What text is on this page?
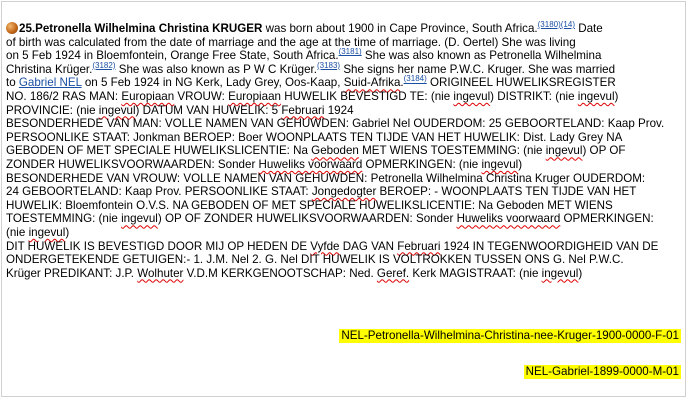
25.Petronella Wilhelmina Christina KRUGER was born about 1900 in Cape Province, South Africa.$^{(3180)(14)}$ Date
of birth was calculated from the date of marriage and the age at the time of marriage. (D. Oertel) She was living
on 5 Feb 1924 in Bloemfontein, Orange Free State, South Africa.$^{(3181)}$ She was also known as Petronella Wilhelmina
Christina Krüger.$^{(3182)}$ She was also known as P W C Krüger.$^{(3183)}$ She signs her name P.W.C. Kruger. She was married
to Gabriel NEL on 5 Feb 1924 in NG Kerk, Lady Grey, Oos-Kaap, Suid-Afrika.$^{(3184)}$ ORIGINEEL HUWELIKSREGISTER
NO. 186/2 RAS MAN: Europiaan VROUW: Europiaan HUWELIK BEVESTIGD TE: (nie ingevul) DISTRIKT: (nie ingevul)
PROVINCIE: (nie ingevul) DATUM VAN HUWELIK: 5 Februari 1924
BESONDERHEDE VAN MAN: VOLLE NAMEN VAN GEHUWDEN: Gabriel Nel OUDERDOM: 25 GEBOORTELAND: Kaap Prov.
PERSOONLIKE STAAT: Jonkman BEROEP: Boer WOONPLAATS TEN TIJDE VAN HET HUWELIK: Dist. Lady Grey NA
GEBODEN OF MET SPECIALE HUWELIKSLICENTIE: Na Geboden MET WIENS TOESTEMMING: (nie ingevul) OP OF
ZONDER HUWELIKSVOORWAARDEN: Sonder Huweliks voorwaard OPMERKINGEN: (nie ingevul)
BESONDERHEDE VAN VROUW: VOLLE NAMEN VAN GEHUWDEN: Petronella Wilhelmina Christina Kruger OUDERDOM:
24 GEBOORTELAND: Kaap Prov. PERSOONLIKE STAAT: Jongedogter BEROEP: - WOONPLAATS TEN TIJDE VAN HET
HUWELIK: Bloemfontein O.V.S. NA GEBODEN OF MET SPECIALE HUWELIKSLICENTIE: Na Geboden MET WIENS
TOESTEMMING: (nie ingevul) OP OF ZONDER HUWELIKSVOORWAARDEN: Sonder Huweliks voorwaard OPMERKINGEN:
(nie ingevul)
DIT HUWELIK IS BEVESTIGD DOOR MIJ OP HEDEN DE Vyfde DAG VAN Februari 1924 IN TEGENWOORDIGHEID VAN DE
ONDERGETEKENDE GETUIGEN:- 1. J.M. Nel 2. G. Nel DIT HUWELIK IS VOLTROKKEN TUSSEN ONS G. Nel P.W.C.
Krüger PREDIKANT: J.P. Wolhuter V.D.M KERKGENOOTSCHAP: Ned. Geref. Kerk MAGISTRAAT: (nie ingevul)
NEL-Petronella-Wilhelmina-Christina-nee-Kruger-1900-0000-F-01
NEL-Gabriel-1899-0000-M-01
